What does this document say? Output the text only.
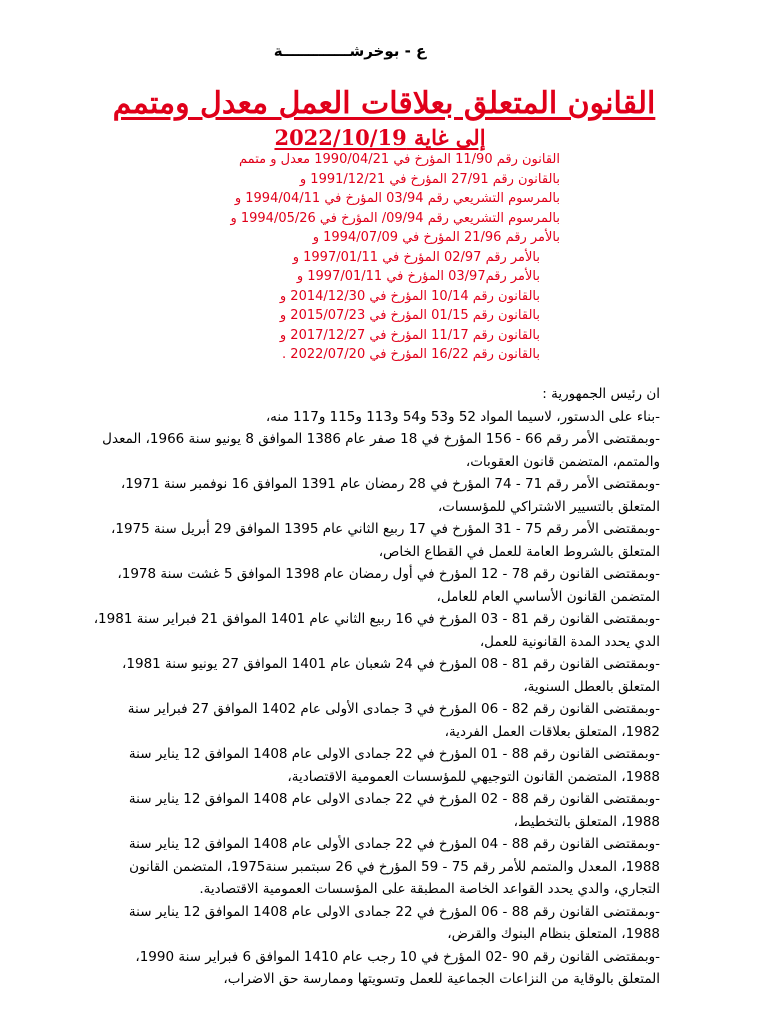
ع - بوخرشـــــــــــــة
القانون المتعلق بعلاقات العمل معدل ومتمم
إلى غاية 2022/10/19
القانون رقم 11/90 المؤرخ في 1990/04/21 معدل و متمم
بالقانون رقم 27/91 المؤرخ في 1991/12/21 و
بالمرسوم التشريعي رقم 03/94 المؤرخ في 1994/04/11 و
بالمرسوم التشريعي رقم 09/94/ المؤرخ في 1994/05/26 و
بالأمر رقم 21/96 المؤرخ في 1994/07/09 و
بالأمر رقم 02/97 المؤرخ في 1997/01/11 و
بالأمر رقم03/97 المؤرخ في 1997/01/11 و
بالقانون رقم 10/14 المؤرخ في 2014/12/30 و
بالقانون رقم 01/15 المؤرخ في 2015/07/23 و
بالقانون رقم 11/17 المؤرخ في 2017/12/27 و
بالقانون رقم 16/22 المؤرخ في 2022/07/20 .

ان رئيس الجمهورية :

-بناء على الدستور، لاسيما المواد 52 و53 و54 و113 و115 و117 منه،
-وبمقتضى الأمر رقم 66 - 156 المؤرخ في 18 صفر عام 1386 الموافق 8 يونيو سنة 1966، المعدل والمتمم، المتضمن قانون العقوبات،
-وبمقتضى الأمر رقم 71 - 74 المؤرخ في 28 رمضان عام 1391 الموافق 16 نوفمبر سنة 1971، المتعلق بالتسيير الاشتراكي للمؤسسات،
-وبمقتضى الأمر رقم 75 - 31 المؤرخ في 17 ربيع الثاني عام 1395 الموافق 29 أبريل سنة 1975، المتعلق بالشروط العامة للعمل في القطاع الخاص،
-وبمقتضى القانون رقم 78 - 12 المؤرخ في أول رمضان عام 1398 الموافق 5 غشت سنة 1978، المتضمن القانون الأساسي العام للعامل،
-وبمقتضى القانون رقم 81 - 03 المؤرخ في 16 ربيع الثاني عام 1401 الموافق 21 فبراير سنة 1981، الدي يحدد المدة القانونية للعمل،
-وبمقتضى القانون رقم 81 - 08 المؤرخ في 24 شعبان عام 1401 الموافق 27 يونيو سنة 1981، المتعلق بالعطل السنوية،
-وبمقتضى القانون رقم 82 - 06 المؤرخ في 3 جمادى الأولى عام 1402 الموافق 27 فبراير سنة 1982، المتعلق بعلاقات العمل الفردية،
-وبمقتضى القانون رقم 88 - 01 المؤرخ في 22 جمادى الاولى عام 1408 الموافق 12 يناير سنة 1988، المتضمن القانون التوجيهي للمؤسسات العمومية الاقتصادية،
-وبمقتضى القانون رقم 88 - 02 المؤرخ في 22 جمادى الاولى عام 1408 الموافق 12 يناير سنة 1988، المتعلق بالتخطيط،
-وبمقتضى القانون رقم 88 - 04 المؤرخ في 22 جمادى الأولى عام 1408 الموافق 12 يناير سنة 1988، المعدل والمتمم للأمر رقم 75 - 59 المؤرخ في 26 سبتمبر سنة1975، المتضمن القانون التجاري، والدي يحدد القواعد الخاصة المطبقة على المؤسسات العمومية الاقتصادية.
-وبمقتضى القانون رقم 88 - 06 المؤرخ في 22 جمادى الاولى عام 1408 الموافق 12 يناير سنة 1988، المتعلق بنظام البنوك والقرض،
-وبمقتضى القانون رقم 90 -02 المؤرخ في 10 رجب عام 1410 الموافق 6 فبراير سنة 1990، المتعلق بالوقاية من النزاعات الجماعية للعمل وتسويتها وممارسة حق الاضراب،
